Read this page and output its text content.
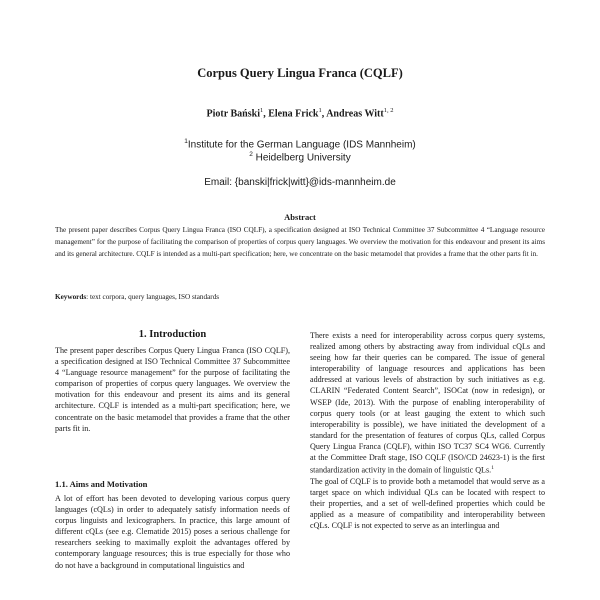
Corpus Query Lingua Franca (CQLF)
Piotr Bański$^1$, Elena Frick$^1$, Andreas Witt$^{1, 2}$
$^1$Institute for the German Language (IDS Mannheim)
$^2$ Heidelberg University
Email: {banski|frick|witt}@ids-mannheim.de
Abstract
The present paper describes Corpus Query Lingua Franca (ISO CQLF), a specification designed at ISO Technical Committee 37 Subcommittee 4 “Language resource management” for the purpose of facilitating the comparison of properties of corpus query languages. We overview the motivation for this endeavour and present its aims and its general architecture. CQLF is intended as a multi-part specification; here, we concentrate on the basic metamodel that provides a frame that the other parts fit in.
Keywords: text corpora, query languages, ISO standards
1. Introduction

The present paper describes Corpus Query Lingua Franca (ISO CQLF), a specification designed at ISO Technical Committee 37 Subcommittee 4 “Language resource management” for the purpose of facilitating the comparison of properties of corpus query languages. We overview the motivation for this endeavour and present its aims and its general architecture. CQLF is intended as a multi-part specification; here, we concentrate on the basic metamodel that provides a frame that the other parts fit in.

1.1. Aims and Motivation

A lot of effort has been devoted to developing various corpus query languages (cQLs) in order to adequately satisfy information needs of corpus linguists and lexicographers. In practice, this large amount of different cQLs (see e.g. Clematide 2015) poses a serious challenge for researchers seeking to maximally exploit the advantages offered by contemporary language resources; this is true especially for those who do not have a background in computational linguistics and

There exists a need for interoperability across corpus query systems, realized among others by abstracting away from individual cQLs and seeing how far their queries can be compared. The issue of general interoperability of language resources and applications has been addressed at various levels of abstraction by such initiatives as e.g. CLARIN “Federated Content Search”, ISOCat (now in redesign), or WSEP (Ide, 2013). With the purpose of enabling interoperability of corpus query tools (or at least gauging the extent to which such interoperability is possible), we have initiated the development of a standard for the presentation of features of corpus QLs, called Corpus Query Lingua Franca (CQLF), within ISO TC37 SC4 WG6. Currently at the Committee Draft stage, ISO CQLF (ISO/CD 24623-1) is the first standardization activity in the domain of linguistic QLs.$^1$

The goal of CQLF is to provide both a metamodel that would serve as a target space on which individual QLs can be located with respect to their properties, and a set of well-defined properties which could be applied as a measure of compatibility and interoperability between cQLs. CQLF is not expected to serve as an interlingua and
